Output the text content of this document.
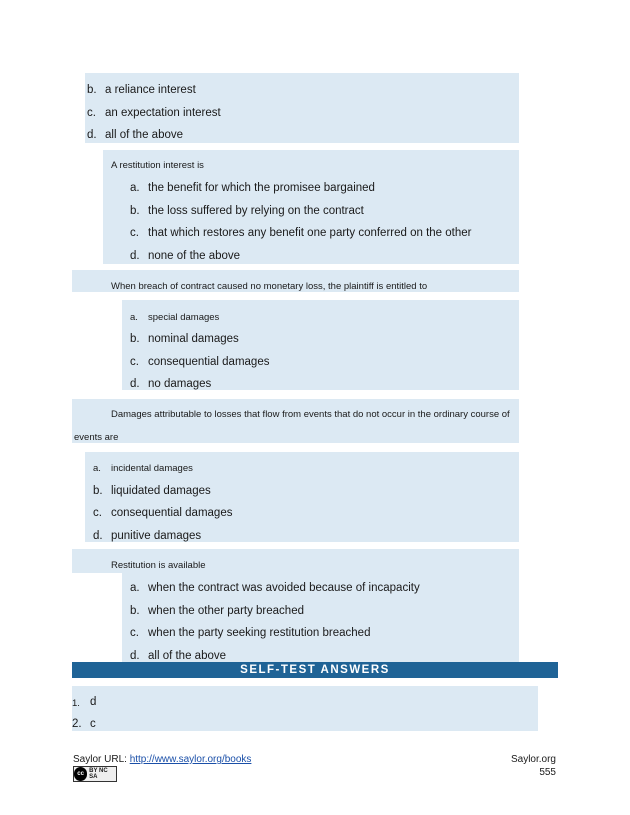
b. a reliance interest
c. an expectation interest
d. all of the above
A restitution interest is
a. the benefit for which the promisee bargained
b. the loss suffered by relying on the contract
c. that which restores any benefit one party conferred on the other
d. none of the above
When breach of contract caused no monetary loss, the plaintiff is entitled to
a. special damages
b. nominal damages
c. consequential damages
d. no damages
Damages attributable to losses that flow from events that do not occur in the ordinary course of
events are
a. incidental damages
b. liquidated damages
c. consequential damages
d. punitive damages
Restitution is available
a. when the contract was avoided because of incapacity
b. when the other party breached
c. when the party seeking restitution breached
d. all of the above
SELF-TEST ANSWERS
1. d
2. c
Saylor URL: http://www.saylor.org/books
cc BY NC SA
Saylor.org
555
